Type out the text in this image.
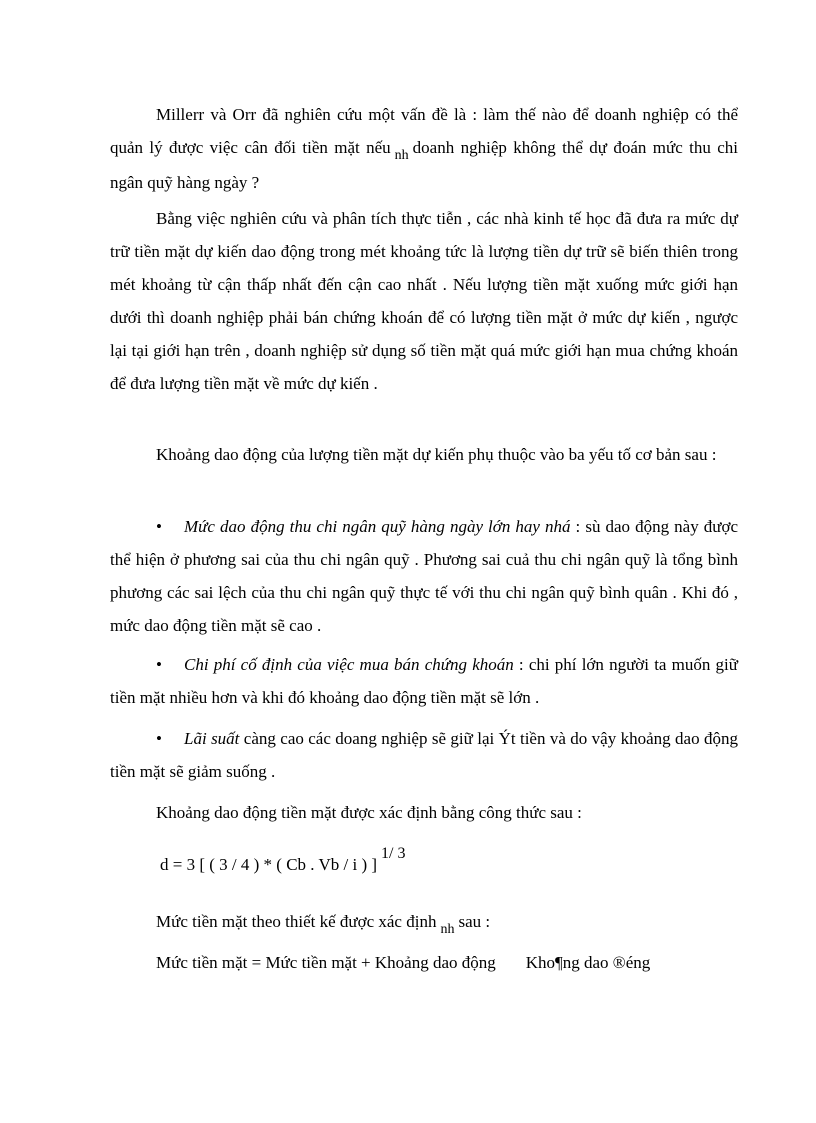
Millerr và Orr đã nghiên cứu một vấn đề là : làm thế nào để doanh nghiệp có thể quản lý được việc cân đối tiền mặt nếu $_{nh}$ doanh nghiệp không thể dự đoán mức thu chi ngân quỹ hàng ngày ?

Bằng việc nghiên cứu và phân tích thực tiễn , các nhà kinh tế học đã đưa ra mức dự trữ tiền mặt dự kiến dao động trong mét khoảng tức là lượng tiền dự trữ sẽ biến thiên trong mét khoảng từ cận thấp nhất đến cận cao nhất . Nếu lượng tiền mặt xuống mức giới hạn dưới thì doanh nghiệp phải bán chứng khoán để có lượng tiền mặt ở mức dự kiến , ngược lại tại giới hạn trên , doanh nghiệp sử dụng số tiền mặt quá mức giới hạn mua chứng khoán để đưa lượng tiền mặt về mức dự kiến .

Khoảng dao động của lượng tiền mặt dự kiến phụ thuộc vào ba yếu tố cơ bản sau :

• Mức dao động thu chi ngân quỹ hàng ngày lớn hay nhá : sù dao động này được thể hiện ở phương sai của thu chi ngân quỹ . Phương sai cuả thu chi ngân quỹ là tổng bình phương các sai lệch của thu chi ngân quỹ thực tế với thu chi ngân quỹ bình quân . Khi đó , mức dao động tiền mặt sẽ cao .

• Chi phí cố định của việc mua bán chứng khoán : chi phí lớn người ta muốn giữ tiền mặt nhiều hơn và khi đó khoảng dao động tiền mặt sẽ lớn .

• Lãi suất càng cao các doang nghiệp sẽ giữ lại Ýt tiền và do vậy khoảng dao động tiền mặt sẽ giảm suống .

Khoảng dao động tiền mặt được xác định bằng công thức sau :

d = 3 [ ( 3 / 4 ) * ( Cb . Vb / i ) ]1/ 3

Mức tiền mặt theo thiết kế được xác định $_{nh}$ sau :

Mức tiền mặt = Mức tiền mặt + Khoảng dao động Kho¶ng dao ®éng
